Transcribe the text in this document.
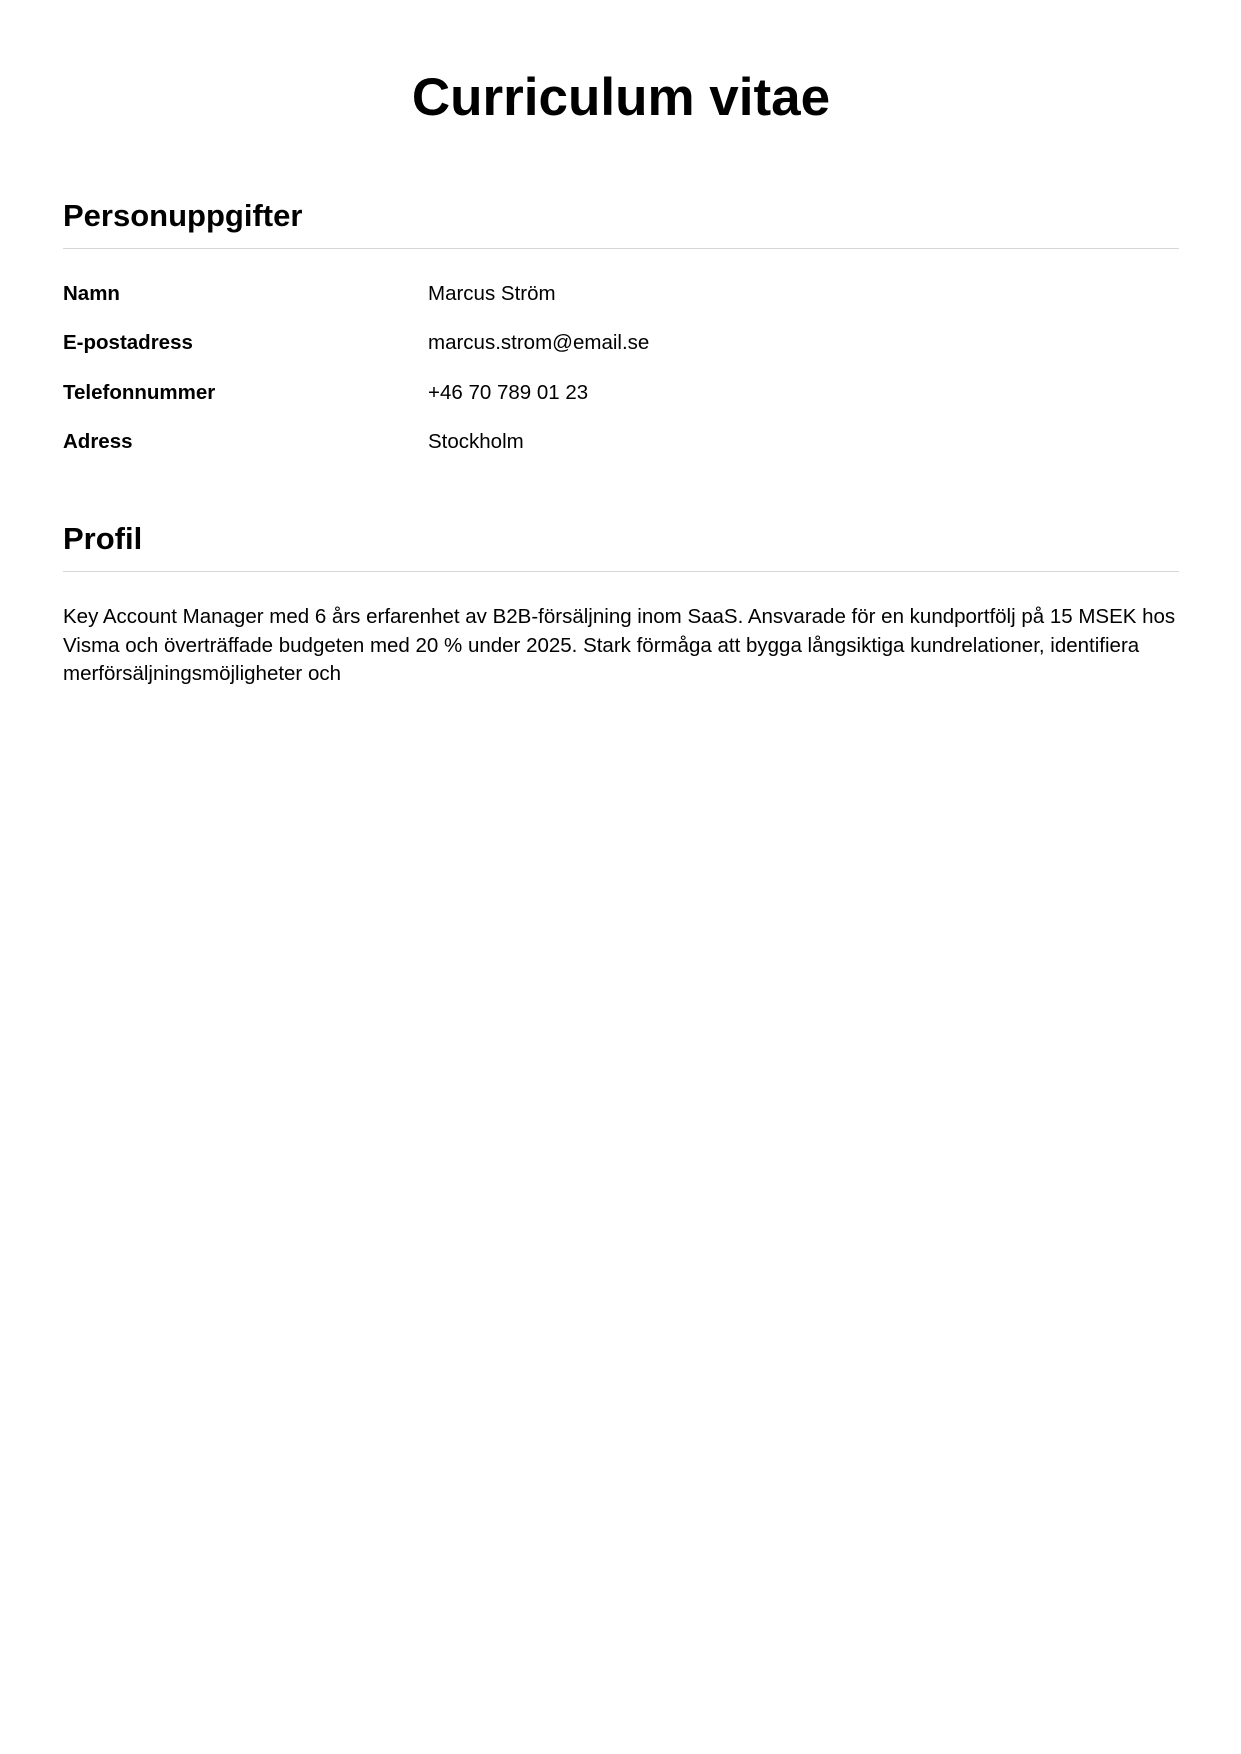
Curriculum vitae
Personuppgifter
Namn	Marcus Ström
E-postadress	marcus.strom@email.se
Telefonnummer	+46 70 789 01 23
Adress	Stockholm
Profil

Key Account Manager med 6 års erfarenhet av B2B-försäljning inom SaaS. Ansvarade för en kundportfölj på 15 MSEK hos Visma och överträffade budgeten med 20 % under 2025. Stark förmåga att bygga långsiktiga kundrelationer, identifiera merförsäljningsmöjligheter och
